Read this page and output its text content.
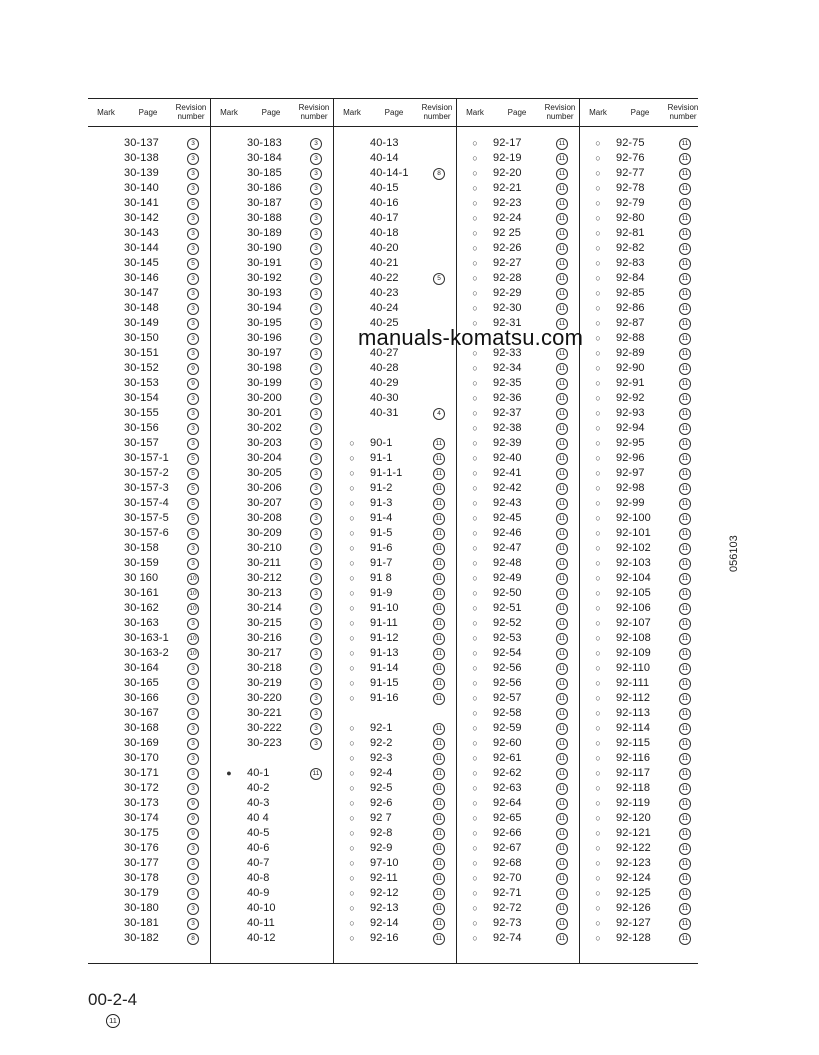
Mark	Page	Revision number
30-137	3
30-138	3
30-139	3
30-140	3
30-141	5
30-142	3
30-143	3
30-144	3
30-145	5
30-146	3
30-147	3
30-148	3
30-149	3
30-150	3
30-151	3
30-152	9
30-153	9
30-154	3
30-155	3
30-156	3
30-157	3
30-157-1	5
30-157-2	5
30-157-3	5
30-157-4	5
30-157-5	5
30-157-6	5
30-158	3
30-159	3
30 160	10
30-161	10
30-162	10
30-163	3
30-163-1	10
30-163-2	10
30-164	3
30-165	3
30-166	3
30-167	3
30-168	3
30-169	3
30-170	3
30-171	3
30-172	3
30-173	9
30-174	9
30-175	9
30-176	3
30-177	3
30-178	3
30-179	3
30-180	3
30-181	3
30-182	8
Mark	Page	Revision number
30-183	3
30-184	3
30-185	3
30-186	3
30-187	3
30-188	3
30-189	3
30-190	3
30-191	3
30-192	3
30-193	3
30-194	3
30-195	3
30-196	3
30-197	3
30-198	3
30-199	3
30-200	3
30-201	3
30-202	3
30-203	3
30-204	3
30-205	3
30-206	3
30-207	3
30-208	3
30-209	3
30-210	3
30-211	3
30-212	3
30-213	3
30-214	3
30-215	3
30-216	3
30-217	3
30-218	3
30-219	3
30-220	3
30-221	3
30-222	3
30-223	3
●	40-1	11
40-2
40-3
40 4
40-5
40-6
40-7
40-8
40-9
40-10
40-11
40-12
Mark	Page	Revision number
40-13
40-14
40-14-1	8
40-15
40-16
40-17
40-18
40-20
40-21
40-22	5
40-23
40-24
40-25
40-27
40-28
40-29
40-30
40-31	4
○	90-1	11
○	91-1	11
○	91-1-1	11
○	91-2	11
○	91-3	11
○	91-4	11
○	91-5	11
○	91-6	11
○	91-7	11
○	91 8	11
○	91-9	11
○	91-10	11
○	91-11	11
○	91-12	11
○	91-13	11
○	91-14	11
○	91-15	11
○	91-16	11
○	92-1	11
○	92-2	11
○	92-3	11
○	92-4	11
○	92-5	11
○	92-6	11
○	92 7	11
○	92-8	11
○	92-9	11
○	97-10	11
○	92-11	11
○	92-12	11
○	92-13	11
○	92-14	11
○	92-16	11
Mark	Page	Revision number
○	92-17	11
○	92-19	11
○	92-20	11
○	92-21	11
○	92-23	11
○	92-24	11
○	92 25	11
○	92-26	11
○	92-27	11
○	92-28	11
○	92-29	11
○	92-30	11
○	92-31	11
○	92-33	11
○	92-34	11
○	92-35	11
○	92-36	11
○	92-37	11
○	92-38	11
○	92-39	11
○	92-40	11
○	92-41	11
○	92-42	11
○	92-43	11
○	92-45	11
○	92-46	11
○	92-47	11
○	92-48	11
○	92-49	11
○	92-50	11
○	92-51	11
○	92-52	11
○	92-53	11
○	92-54	11
○	92-56	11
○	92-56	11
○	92-57	11
○	92-58	11
○	92-59	11
○	92-60	11
○	92-61	11
○	92-62	11
○	92-63	11
○	92-64	11
○	92-65	11
○	92-66	11
○	92-67	11
○	92-68	11
○	92-70	11
○	92-71	11
○	92-72	11
○	92-73	11
○	92-74	11
Mark	Page	Revision number
○	92-75	11
○	92-76	11
○	92-77	11
○	92-78	11
○	92-79	11
○	92-80	11
○	92-81	11
○	92-82	11
○	92-83	11
○	92-84	11
○	92-85	11
○	92-86	11
○	92-87	11
○	92-88	11
○	92-89	11
○	92-90	11
○	92-91	11
○	92-92	11
○	92-93	11
○	92-94	11
○	92-95	11
○	92-96	11
○	92-97	11
○	92-98	11
○	92-99	11
○	92-100	11
○	92-101	11
○	92-102	11
○	92-103	11
○	92-104	11
○	92-105	11
○	92-106	11
○	92-107	11
○	92-108	11
○	92-109	11
○	92-110	11
○	92-111	11
○	92-112	11
○	92-113	11
○	92-114	11
○	92-115	11
○	92-116	11
○	92-117	11
○	92-118	11
○	92-119	11
○	92-120	11
○	92-121	11
○	92-122	11
○	92-123	11
○	92-124	11
○	92-125	11
○	92-126	11
○	92-127	11
○	92-128	11
manuals-komatsu.com
056103
00-2-4
11
